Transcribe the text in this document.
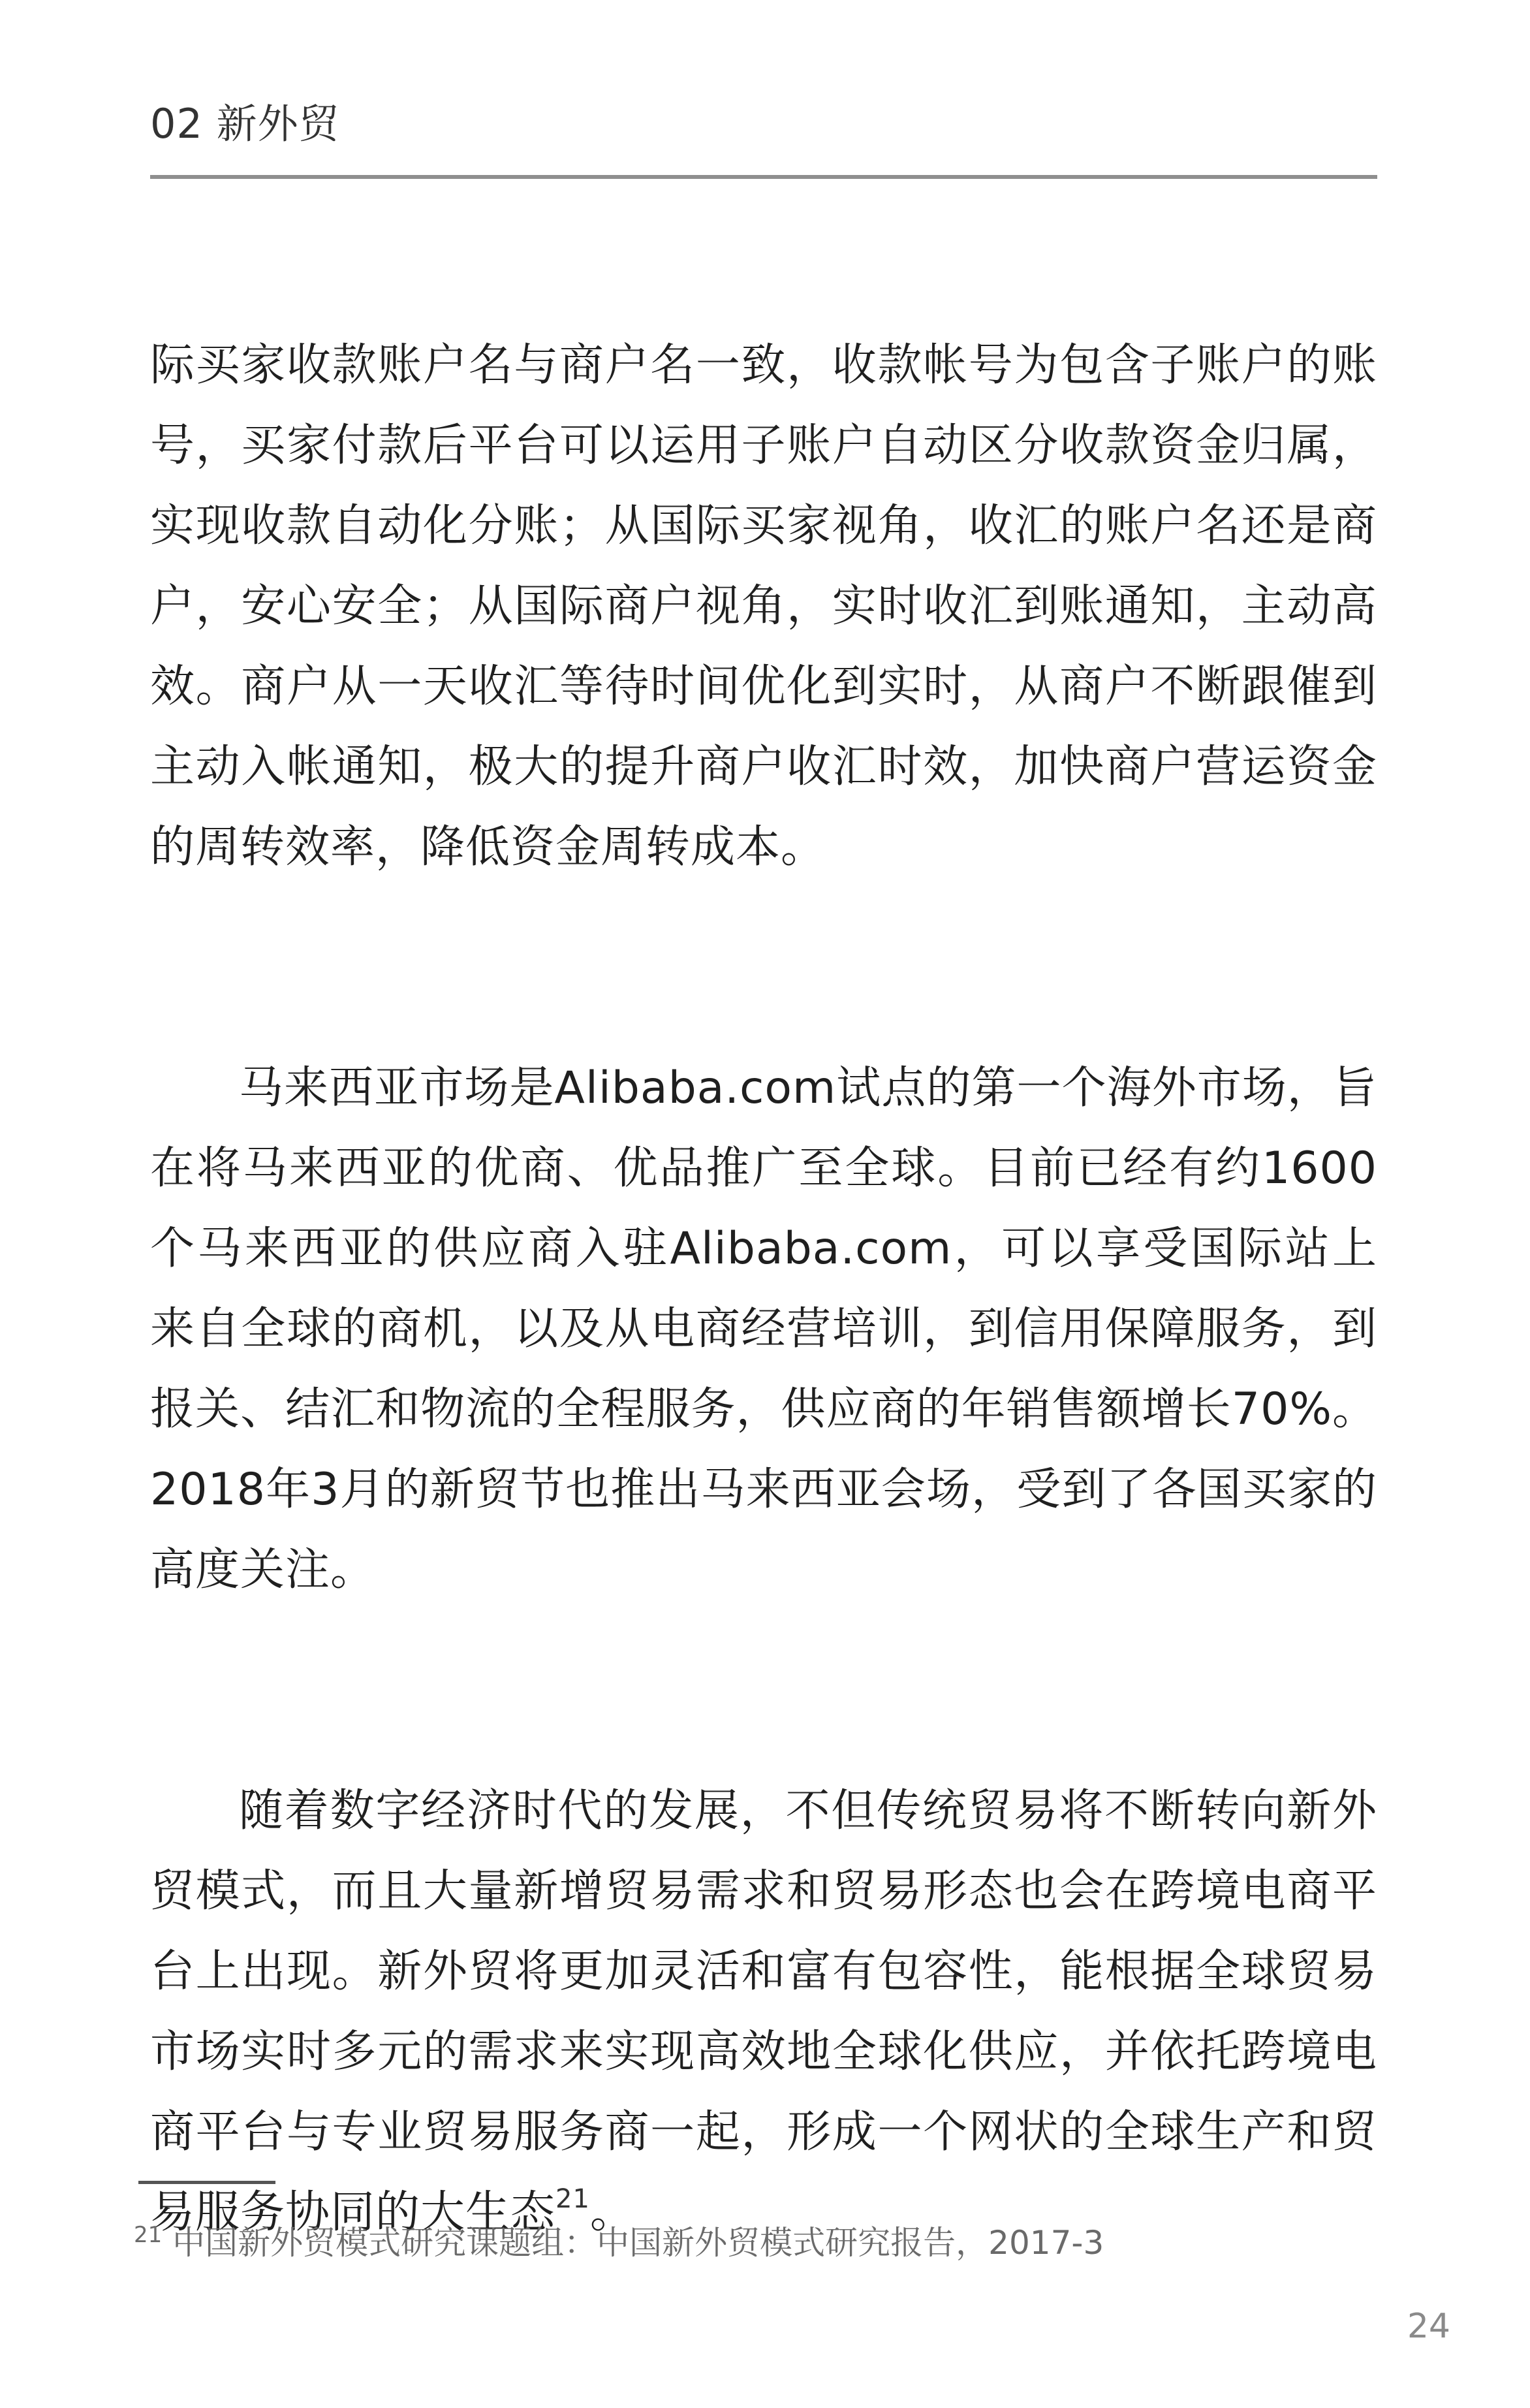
02 新外贸

际买家收款账户名与商户名一致，收款帐号为包含子账户的账号，买家付款后平台可以运用子账户自动区分收款资金归属，实现收款自动化分账；从国际买家视角，收汇的账户名还是商户，安心安全；从国际商户视角，实时收汇到账通知，主动高效。商户从一天收汇等待时间优化到实时，从商户不断跟催到主动入帐通知，极大的提升商户收汇时效，加快商户营运资金的周转效率，降低资金周转成本。

马来西亚市场是Alibaba.com试点的第一个海外市场，旨在将马来西亚的优商、优品推广至全球。目前已经有约1600个马来西亚的供应商入驻Alibaba.com，可以享受国际站上来自全球的商机，以及从电商经营培训，到信用保障服务，到报关、结汇和物流的全程服务，供应商的年销售额增长70%。2018年3月的新贸节也推出马来西亚会场，受到了各国买家的高度关注。

随着数字经济时代的发展，不但传统贸易将不断转向新外贸模式，而且大量新增贸易需求和贸易形态也会在跨境电商平台上出现。新外贸将更加灵活和富有包容性，能根据全球贸易市场实时多元的需求来实现高效地全球化供应，并依托跨境电商平台与专业贸易服务商一起，形成一个网状的全球生产和贸易服务协同的大生态$^{21}$。

$^{21}$ 中国新外贸模式研究课题组：中国新外贸模式研究报告，2017-3
24
